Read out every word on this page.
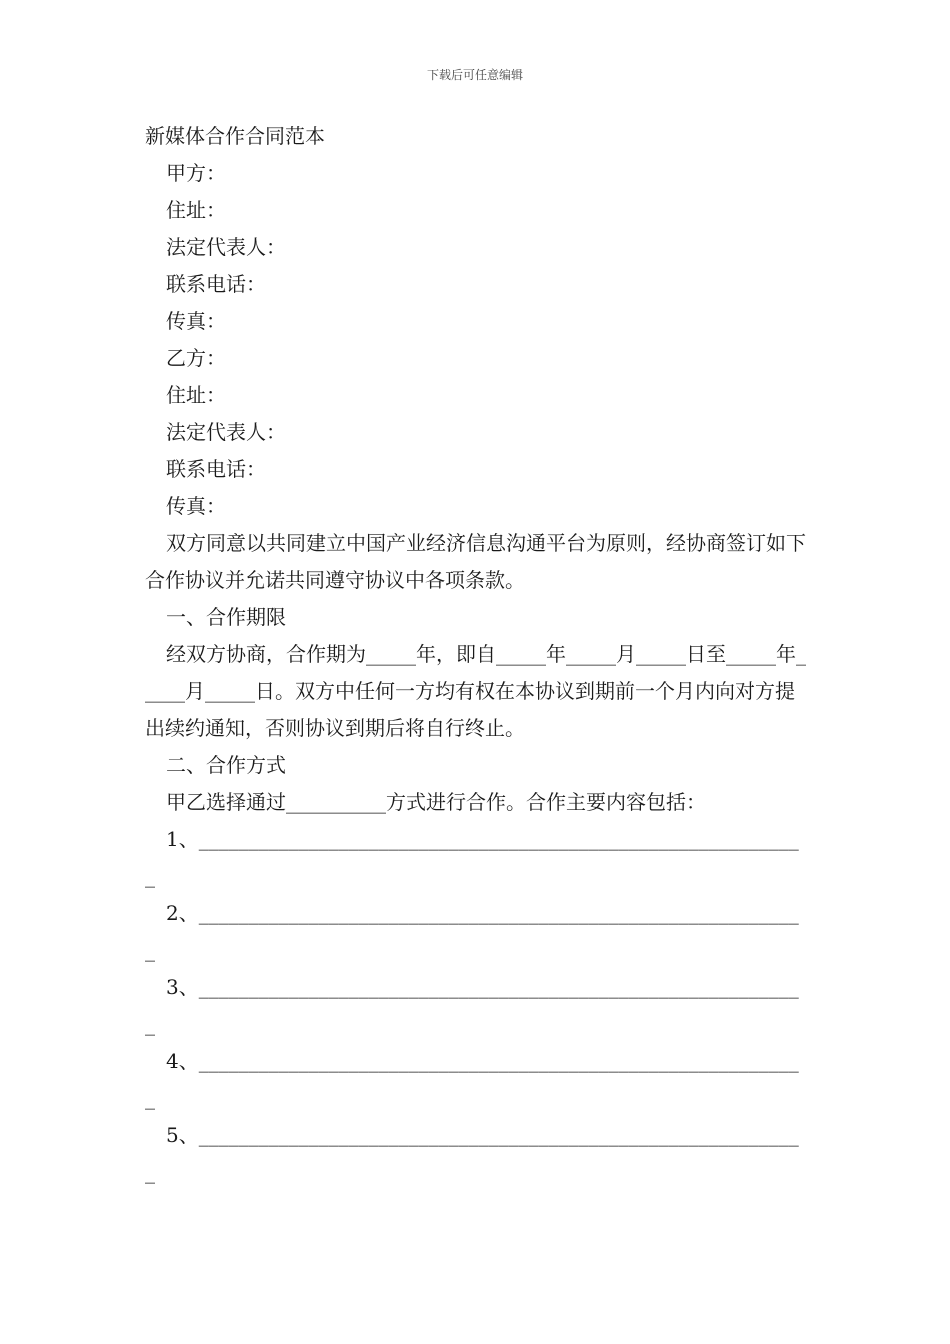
下载后可任意编辑
新媒体合作合同范本
甲方：
住址：
法定代表人：
联系电话：
传真：
乙方：
住址：
法定代表人：
联系电话：
传真：
双方同意以共同建立中国产业经济信息沟通平台为原则，经协商签订如下合作协议并允诺共同遵守协议中各项条款。
一、合作期限
经双方协商，合作期为_____年，即自_____年_____月_____日至_____年_____月_____日。双方中任何一方均有权在本协议到期前一个月内向对方提出续约通知，否则协议到期后将自行终止。
二、合作方式
甲乙选择通过__________方式进行合作。合作主要内容包括：
1、____________________________________________________________
_
2、____________________________________________________________
_
3、____________________________________________________________
_
4、____________________________________________________________
_
5、____________________________________________________________
_
